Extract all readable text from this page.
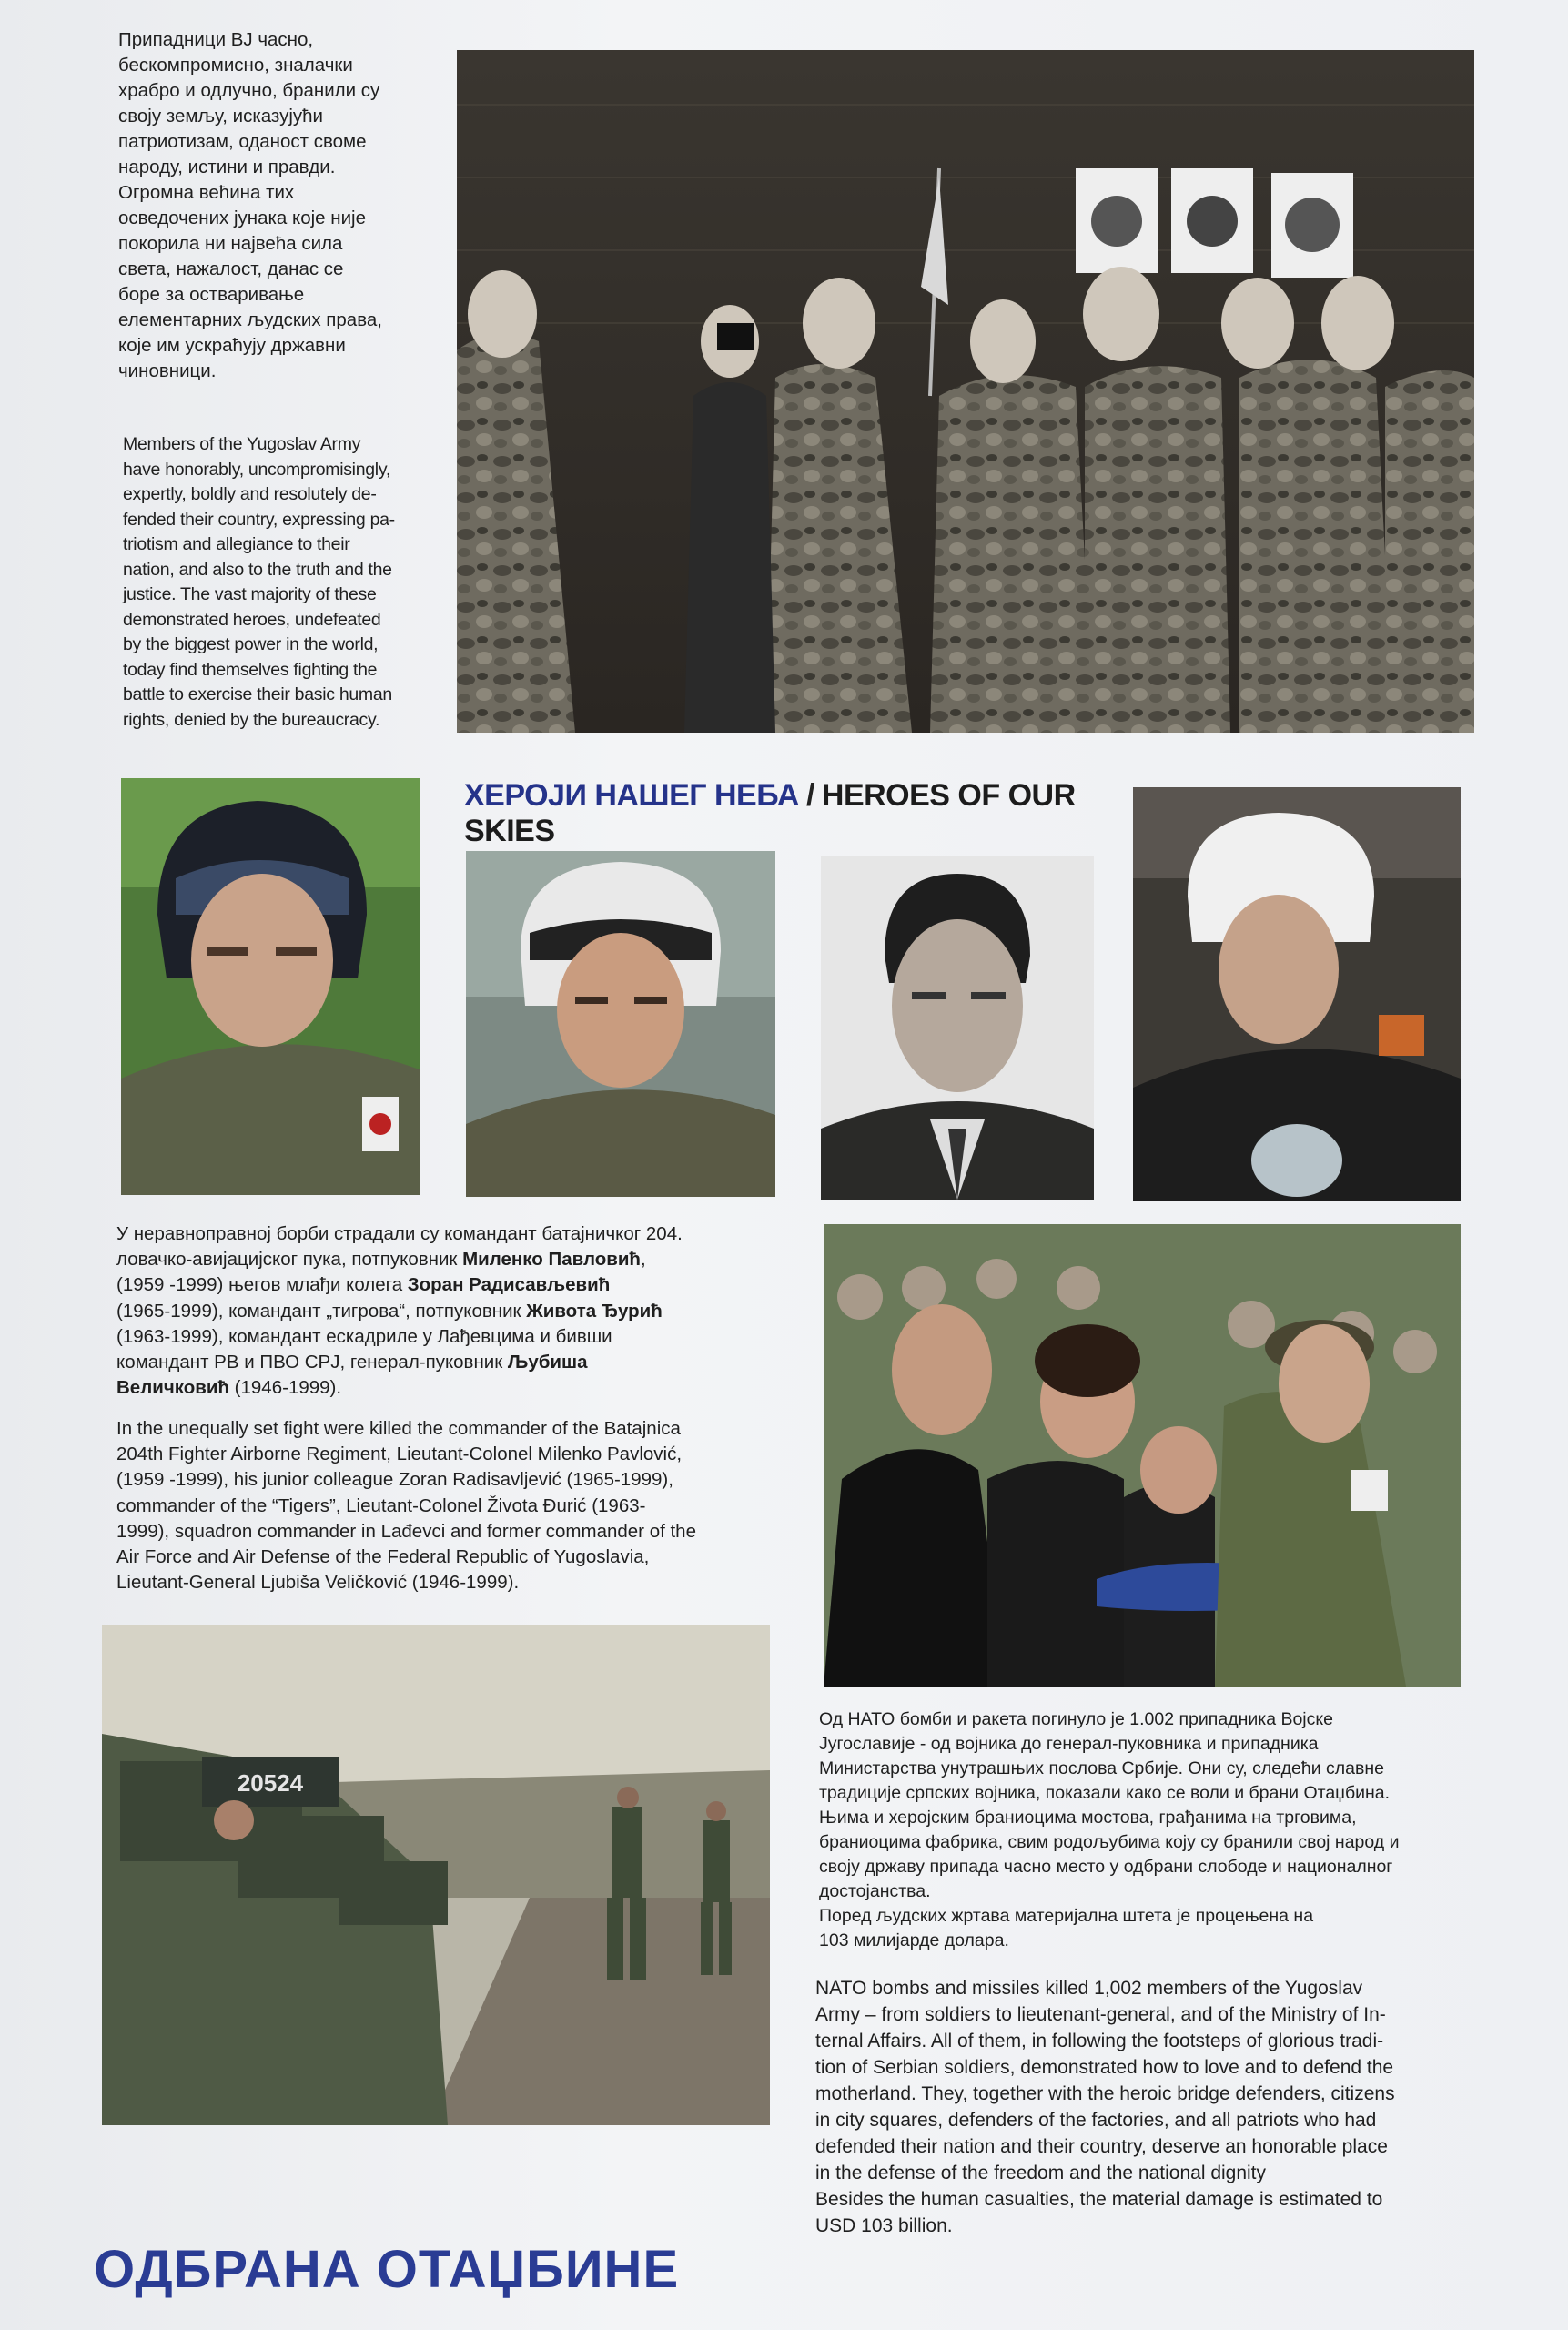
Припадници ВЈ часно,
бескомпромисно, зналачки
храбро и одлучно, бранили су
своју земљу, исказујући
патриотизам, оданост своме
народу, истини и правди.
Огромна већина тих
осведочених јунака које није
покорила ни највећа сила
света, нажалост, данас се
боре за остваривање
елементарних људских права,
које им ускраћују државни
чиновници.

Members of the Yugoslav Army
have honorably, uncompromisingly,
expertly, boldly and resolutely de-
fended their country, expressing pa-
triotism and allegiance to their
nation, and also to the truth and the
justice. The vast majority of these
demonstrated heroes, undefeated
by the biggest power in the world,
today find themselves fighting the
battle to exercise their basic human
rights, denied by the bureaucracy.

ХЕРОЈИ НАШЕГ НЕБА / HEROES OF OUR SKIES

У неравноправној борби страдали су командант батајничког 204.

ловачко-авијацијског пука, потпуковник Миленко Павловић,

(1959 -1999) његов млађи колега Зоран Радисављевић

(1965-1999), командант „тигрова“, потпуковник Живота Ђурић

(1963-1999), командант ескадриле у Лађевцима и бивши

командант РВ и ПВО СРЈ, генерал-пуковник Љубиша

Величковић (1946-1999).

In the unequally set fight were killed the commander of the Batajnica
204th Fighter Airborne Regiment, Lieutant-Colonel Milenko Pavlović,
(1959 -1999), his junior colleague Zoran Radisavljević (1965-1999),
commander of the “Tigers”, Lieutant-Colonel Života Đurić (1963-
1999), squadron commander in Lađevci and former commander of the
Air Force and Air Defense of the Federal Republic of Yugoslavia,
Lieutant-General Ljubiša Veličković (1946-1999).

Од НАТО бомби и ракета погинуло је 1.002 припадника Војске
Југославије - од војника до генерал-пуковника и припадника
Министарства унутрашњих послова Србије. Они су, следећи славне
традиције српских војника, показали како се воли и брани Отаџбина.
Њима и херојским браниоцима мостова, грађанима на трговима,
браниоцима фабрика, свим родољубима коју су бранили свој народ и
своју државу припада часно место у одбрани слободе и националног
достојанства.
Поред људских жртава материјална штета је процењена на
103 милијарде долара.

NATO bombs and missiles killed 1,002 members of the Yugoslav
Army – from soldiers to lieutenant-general, and of the Ministry of In-
ternal Affairs. All of them, in following the footsteps of glorious tradi-
tion of Serbian soldiers, demonstrated how to love and to defend the
motherland. They, together with the heroic bridge defenders, citizens
in city squares, defenders of the factories, and all patriots who had
defended their nation and their country, deserve an honorable place
in the defense of the freedom and the national dignity
Besides the human casualties, the material damage is estimated to
USD 103 billion.

20524
ОДБРАНА ОТАЏБИНЕ
